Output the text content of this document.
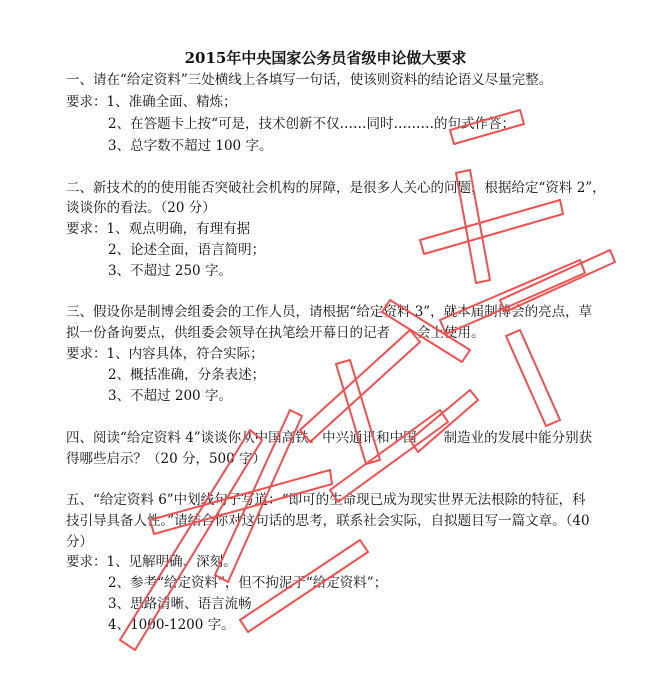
2015年中央国家公务员省级申论做大要求
一、请在“给定资料”三处横线上各填写一句话，使该则资料的结论语义尽量完整。
要求：1、准确全面、精炼；
2、在答题卡上按“可是，技术创新不仅……同时………的句式作答；
3、总字数不超过 100 字。
二、新技术的的使用能否突破社会机构的屏障，是很多人关心的问题，根据给定“资料 2”，
谈谈你的看法。（20 分）
要求：1、观点明确，有理有据
2、论述全面，语言简明；
3、不超过 250 字。
三、假设你是制博会组委会的工作人员，请根据“给定资料 3”，就本届制博会的亮点，草
拟一份备询要点，供组委会领导在执笔绘开幕日的记者　　会上使用。
要求：1、内容具体，符合实际；
2、概括准确，分条表述；
3、不超过 200 字。
四、阅读“给定资料 4”谈谈你从中国高铁、中兴通讯和中国　　制造业的发展中能分别获
得哪些启示？（20 分，500 字）
五、“给定资料 6”中划线句子写道：“即可的生命现已成为现实世界无法根除的特征，科
技引导具备人性。”请结合你对这句话的思考，联系社会实际，自拟题目写一篇文章。（40
分）
要求：1、见解明确、深刻。
2、参考“给定资料”，但不拘泥于“给定资料”；
3、思路清晰、语言流畅
4、1000-1200 字。
